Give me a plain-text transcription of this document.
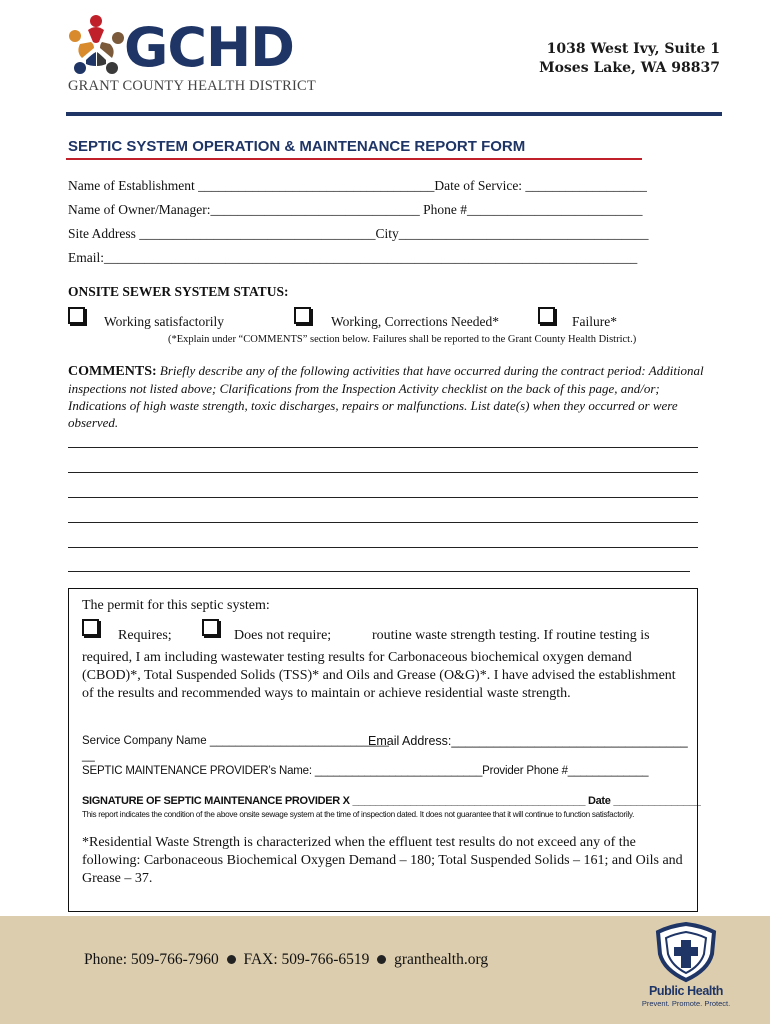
GCHD
GRANT COUNTY HEALTH DISTRICT
1038 West Ivy, Suite 1
Moses Lake, WA 98837
SEPTIC SYSTEM OPERATION & MAINTENANCE REPORT FORM
Name of Establishment ___________________________________Date of Service: __________________
Name of Owner/Manager:_______________________________ Phone #__________________________
Site Address ___________________________________City_____________________________________
Email:_______________________________________________________________________________
ONSITE SEWER SYSTEM STATUS:
Working satisfactorily	Working, Corrections Needed*	Failure*
(*Explain under “COMMENTS” section below. Failures shall be reported to the Grant County Health District.)
COMMENTS: Briefly describe any of the following activities that have occurred during the contract period: Additional inspections not listed above; Clarifications from the Inspection Activity checklist on the back of this page, and/or; Indications of high waste strength, toxic discharges, repairs or malfunctions. List date(s) when they occurred or were observed.
The permit for this septic system:
Requires;	Does not require;	routine waste strength testing. If routine testing is
required, I am including wastewater testing results for Carbonaceous biochemical oxygen demand (CBOD)*, Total Suspended Solids (TSS)* and Oils and Grease (O&G)*. I have advised the establishment of the results and recommended ways to maintain or achieve residential waste strength.
Service Company Name ____________________________
Email Address:__________________________________
__
SEPTIC MAINTENANCE PROVIDER’s Name: ___________________________Provider Phone #_____________
SIGNATURE OF SEPTIC MAINTENANCE PROVIDER X ________________________________________ Date _______________
This report indicates the condition of the above onsite sewage system at the time of inspection dated. It does not guarantee that it will continue to function satisfactorily.
*Residential Waste Strength is characterized when the effluent test results do not exceed any of the following: Carbonaceous Biochemical Oxygen Demand – 180; Total Suspended Solids – 161; and Oils and Grease – 37.
Phone: 509-766-7960 FAX: 509-766-6519 granthealth.org
Public Health
Prevent. Promote. Protect.
